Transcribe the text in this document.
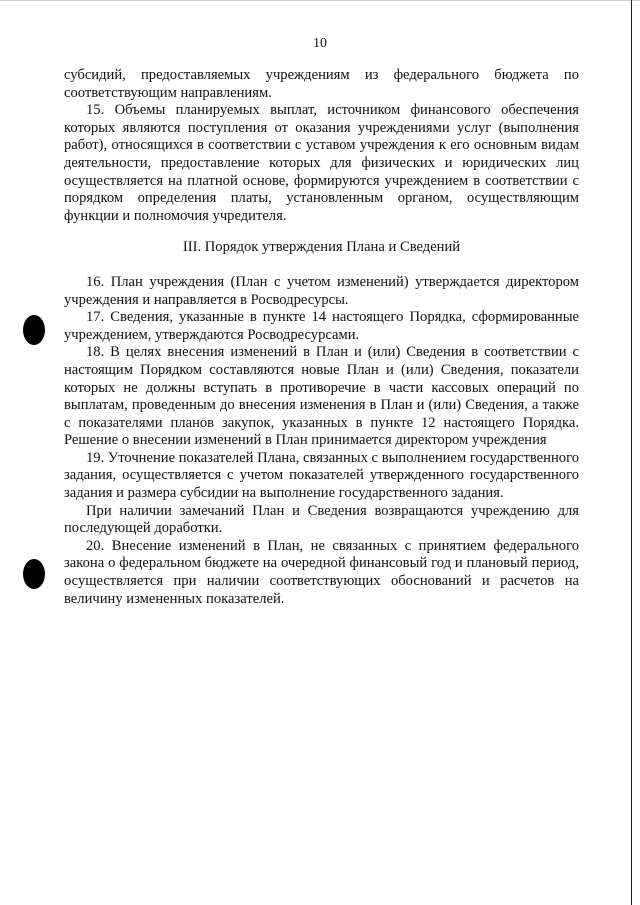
10

субсидий, предоставляемых учреждениям из федерального бюджета по соответствующим направлениям.

15. Объемы планируемых выплат, источником финансового обеспечения которых являются поступления от оказания учреждениями услуг (выполнения работ), относящихся в соответствии с уставом учреждения к его основным видам деятельности, предоставление которых для физических и юридических лиц осуществляется на платной основе, формируются учреждением в соответствии с порядком определения платы, установленным органом, осуществляющим функции и полномочия учредителя.

III. Порядок утверждения Плана и Сведений

16. План учреждения (План с учетом изменений) утверждается директором учреждения и направляется в Росводресурсы.

17. Сведения, указанные в пункте 14 настоящего Порядка, сформированные учреждением, утверждаются Росводресурсами.

18. В целях внесения изменений в План и (или) Сведения в соответствии с настоящим Порядком составляются новые План и (или) Сведения, показатели которых не должны вступать в противоречие в части кассовых операций по выплатам, проведенным до внесения изменения в План и (или) Сведения, а также с показателями планов закупок, указанных в пункте 12 настоящего Порядка. Решение о внесении изменений в План принимается директором учреждения

19. Уточнение показателей Плана, связанных с выполнением государственного задания, осуществляется с учетом показателей утвержденного государственного задания и размера субсидии на выполнение государственного задания.

При наличии замечаний План и Сведения возвращаются учреждению для последующей доработки.

20. Внесение изменений в План, не связанных с принятием федерального закона о федеральном бюджете на очередной финансовый год и плановый период, осуществляется при наличии соответствующих обоснований и расчетов на величину измененных показателей.
